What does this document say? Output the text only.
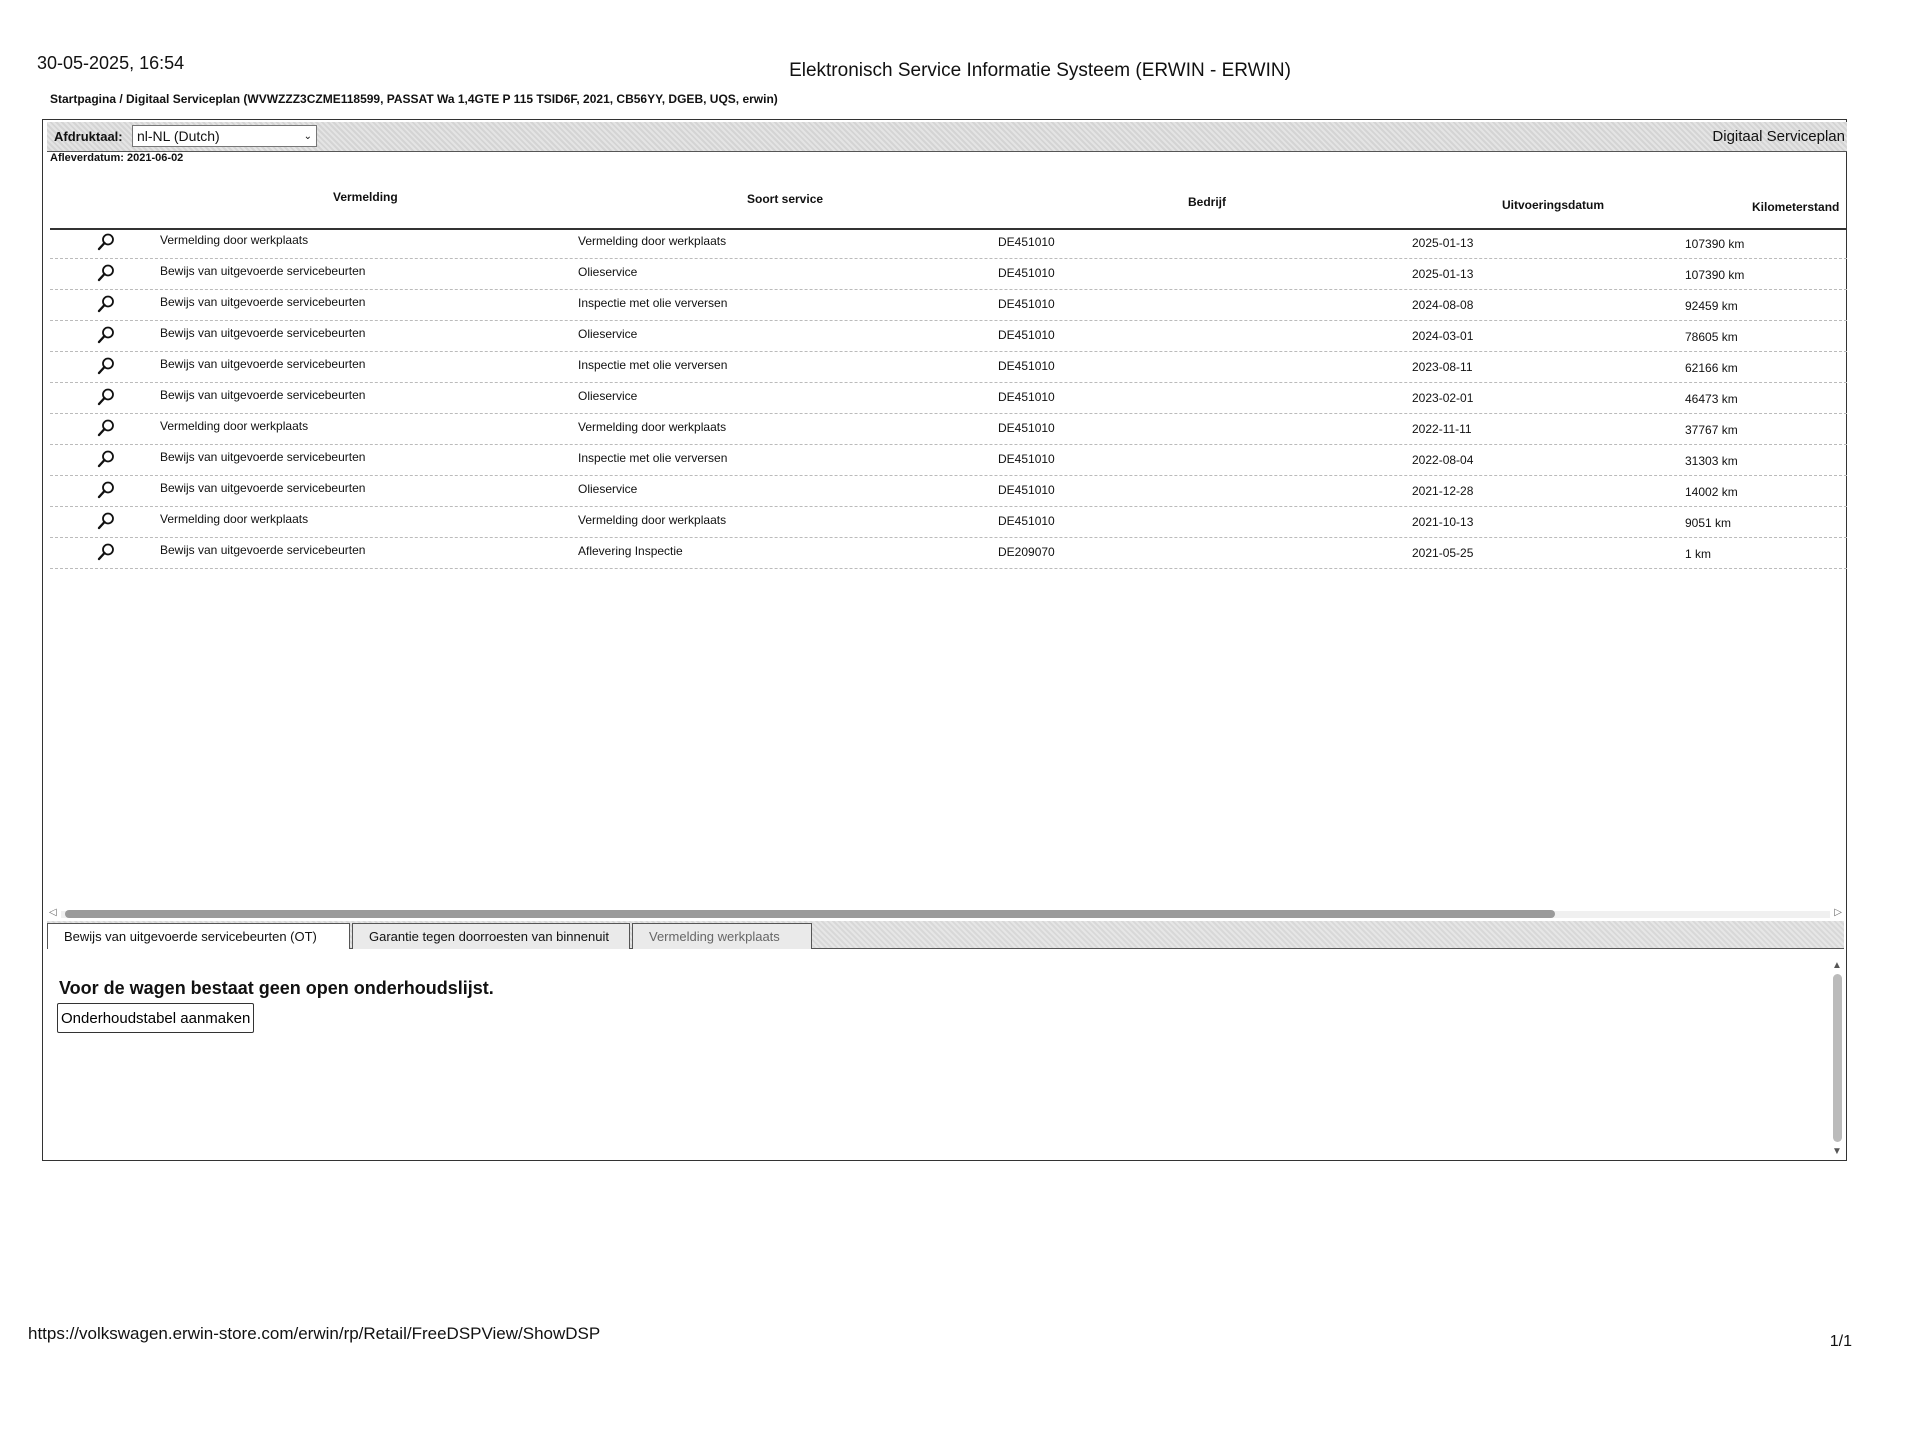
30-05-2025, 16:54	Elektronisch Service Informatie Systeem (ERWIN - ERWIN)
Startpagina / Digitaal Serviceplan (WVWZZZ3CZME118599, PASSAT Wa 1,4GTE P 115 TSID6F, 2021, CB56YY, DGEB, UQS, erwin)
Afdruktaal: nl-NL (Dutch)	⌄	Digitaal Serviceplan
Afleverdatum: 2021-06-02
Vermelding	Soort service	Bedrijf	Uitvoeringsdatum	Kilometerstand
Vermelding door werkplaats	Vermelding door werkplaats	DE451010	2025-01-13	107390 km
Bewijs van uitgevoerde servicebeurten	Olieservice	DE451010	2025-01-13	107390 km
Bewijs van uitgevoerde servicebeurten	Inspectie met olie verversen	DE451010	2024-08-08	92459 km
Bewijs van uitgevoerde servicebeurten	Olieservice	DE451010	2024-03-01	78605 km
Bewijs van uitgevoerde servicebeurten	Inspectie met olie verversen	DE451010	2023-08-11	62166 km
Bewijs van uitgevoerde servicebeurten	Olieservice	DE451010	2023-02-01	46473 km
Vermelding door werkplaats	Vermelding door werkplaats	DE451010	2022-11-11	37767 km
Bewijs van uitgevoerde servicebeurten	Inspectie met olie verversen	DE451010	2022-08-04	31303 km
Bewijs van uitgevoerde servicebeurten	Olieservice	DE451010	2021-12-28	14002 km
Vermelding door werkplaats	Vermelding door werkplaats	DE451010	2021-10-13	9051 km
Bewijs van uitgevoerde servicebeurten	Aflevering Inspectie	DE209070	2021-05-25	1 km
◁	▷
Bewijs van uitgevoerde servicebeurten (OT)	Garantie tegen doorroesten van binnenuit	Vermelding werkplaats
Voor de wagen bestaat geen open onderhoudslijst.
Onderhoudstabel aanmaken
▲
▼
https://volkswagen.erwin-store.com/erwin/rp/Retail/FreeDSPView/ShowDSP	1/1
